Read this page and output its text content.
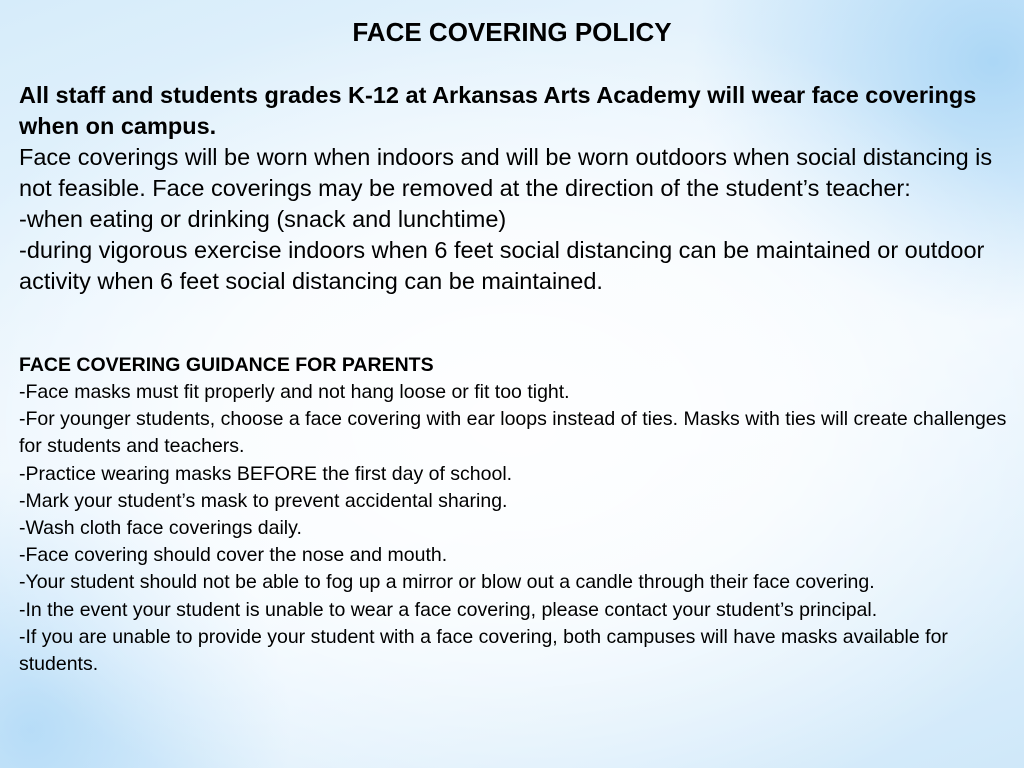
FACE COVERING POLICY

All staff and students grades K-12 at Arkansas Arts Academy will wear face coverings when on campus.

Face coverings will be worn when indoors and will be worn outdoors when social distancing is not feasible. Face coverings may be removed at the direction of the student’s teacher:

-when eating or drinking (snack and lunchtime)

-during vigorous exercise indoors when 6 feet social distancing can be maintained or outdoor activity when 6 feet social distancing can be maintained.

FACE COVERING GUIDANCE FOR PARENTS

-Face masks must fit properly and not hang loose or fit too tight.

-For younger students, choose a face covering with ear loops instead of ties. Masks with ties will create challenges for students and teachers.

-Practice wearing masks BEFORE the first day of school.

-Mark your student’s mask to prevent accidental sharing.

-Wash cloth face coverings daily.

-Face covering should cover the nose and mouth.

-Your student should not be able to fog up a mirror or blow out a candle through their face covering.

-In the event your student is unable to wear a face covering, please contact your student’s principal.

-If you are unable to provide your student with a face covering, both campuses will have masks available for students.
